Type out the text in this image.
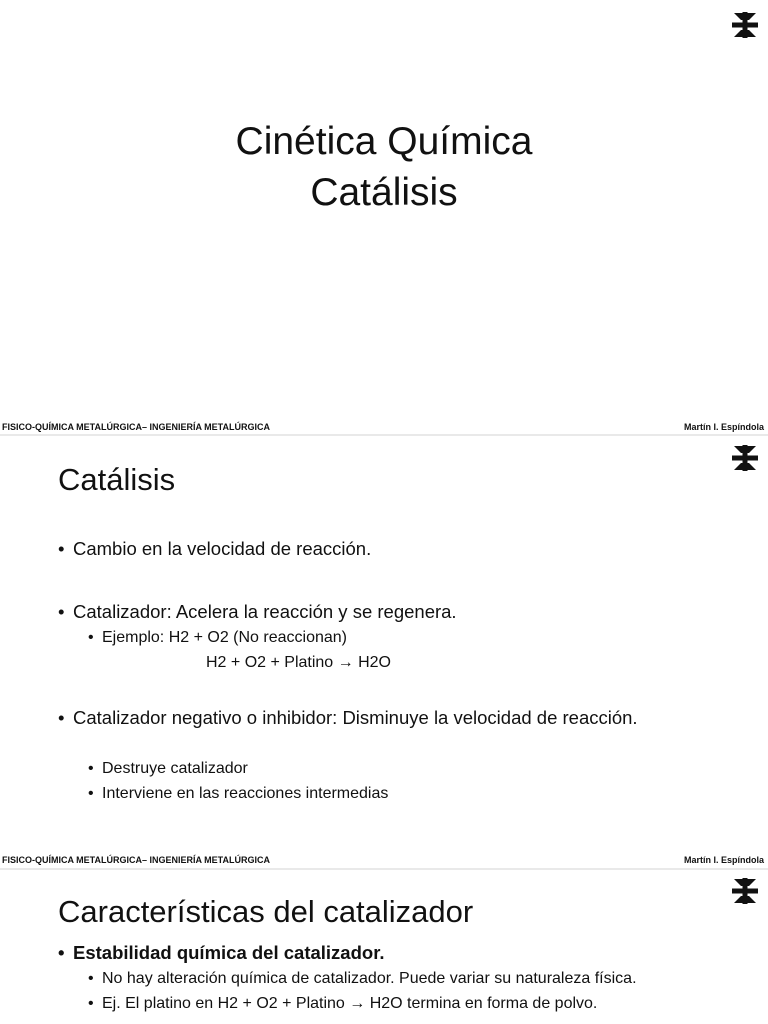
Cinética Química
Catálisis
FISICO-QUÍMICA METALÚRGICA– INGENIERÍA METALÚRGICA	Martín I. Espíndola
Catálisis
• Cambio en la velocidad de reacción.
• Catalizador: Acelera la reacción y se regenera.
• Ejemplo: H2 + O2 (No reaccionan)
H2 + O2 + Platino → H2O
• Catalizador negativo o inhibidor: Disminuye la velocidad de reacción.
• Destruye catalizador
• Interviene en las reacciones intermedias
FISICO-QUÍMICA METALÚRGICA– INGENIERÍA METALÚRGICA	Martín I. Espíndola
Características del catalizador
• Estabilidad química del catalizador.
• No hay alteración química de catalizador. Puede variar su naturaleza física.
• Ej. El platino en H2 + O2 + Platino → H2O termina en forma de polvo.
